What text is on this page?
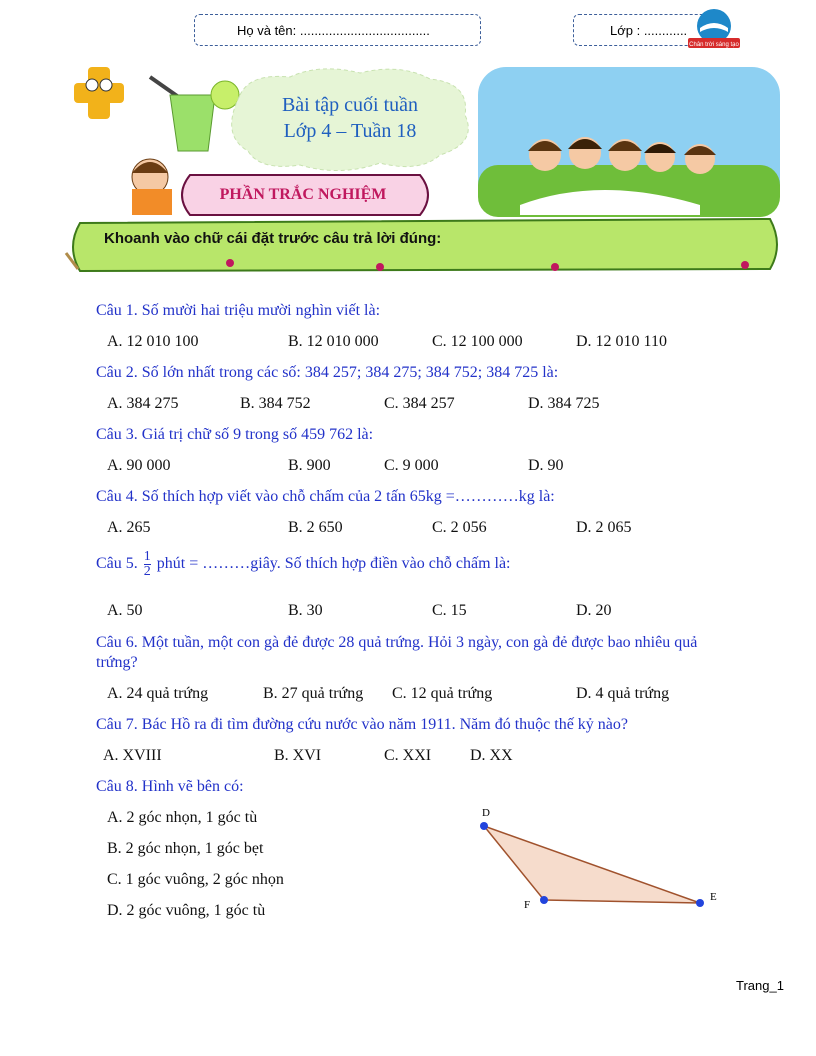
Họ và tên: ....................................	Lớp : ............
Chân trời sáng tạo
Bài tập cuối tuần
Lớp 4 – Tuần 18
PHẦN TRẮC NGHIỆM
Khoanh vào chữ cái đặt trước câu trả lời đúng:
Câu 1. Số mười hai triệu mười nghìn viết là:
A. 12 010 100	B. 12 010 000	C. 12 100 000	D. 12 010 110
Câu 2. Số lớn nhất trong các số: 384 257; 384 275; 384 752; 384 725 là:
A. 384 275	B. 384 752	C. 384 257	D. 384 725
Câu 3. Giá trị chữ số 9 trong số 459 762 là:
A. 90 000	B. 900	C. 9 000	D. 90
Câu 4. Số thích hợp viết vào chỗ chấm của 2 tấn 65kg =…………kg là:
A. 265	B. 2 650	C. 2 056	D. 2 065
Câu 5. $\frac{1}{2}$ phút = ………giây. Số thích hợp điền vào chỗ chấm là:
A. 50	B. 30	C. 15	D. 20
Câu 6. Một tuần, một con gà đẻ được 28 quả trứng. Hỏi 3 ngày, con gà đẻ được bao nhiêu quả
trứng?
A. 24 quả trứng	B. 27 quả trứng C. 12 quả trứng	D. 4 quả trứng
Câu 7. Bác Hồ ra đi tìm đường cứu nước vào năm 1911. Năm đó thuộc thế kỷ nào?
A. XVIII	B. XVI	C. XXI D. XX
Câu 8. Hình vẽ bên có:
A. 2 góc nhọn, 1 góc tù
B. 2 góc nhọn, 1 góc bẹt
C. 1 góc vuông, 2 góc nhọn
D. 2 góc vuông, 1 góc tù
D
F
E
Trang_1
